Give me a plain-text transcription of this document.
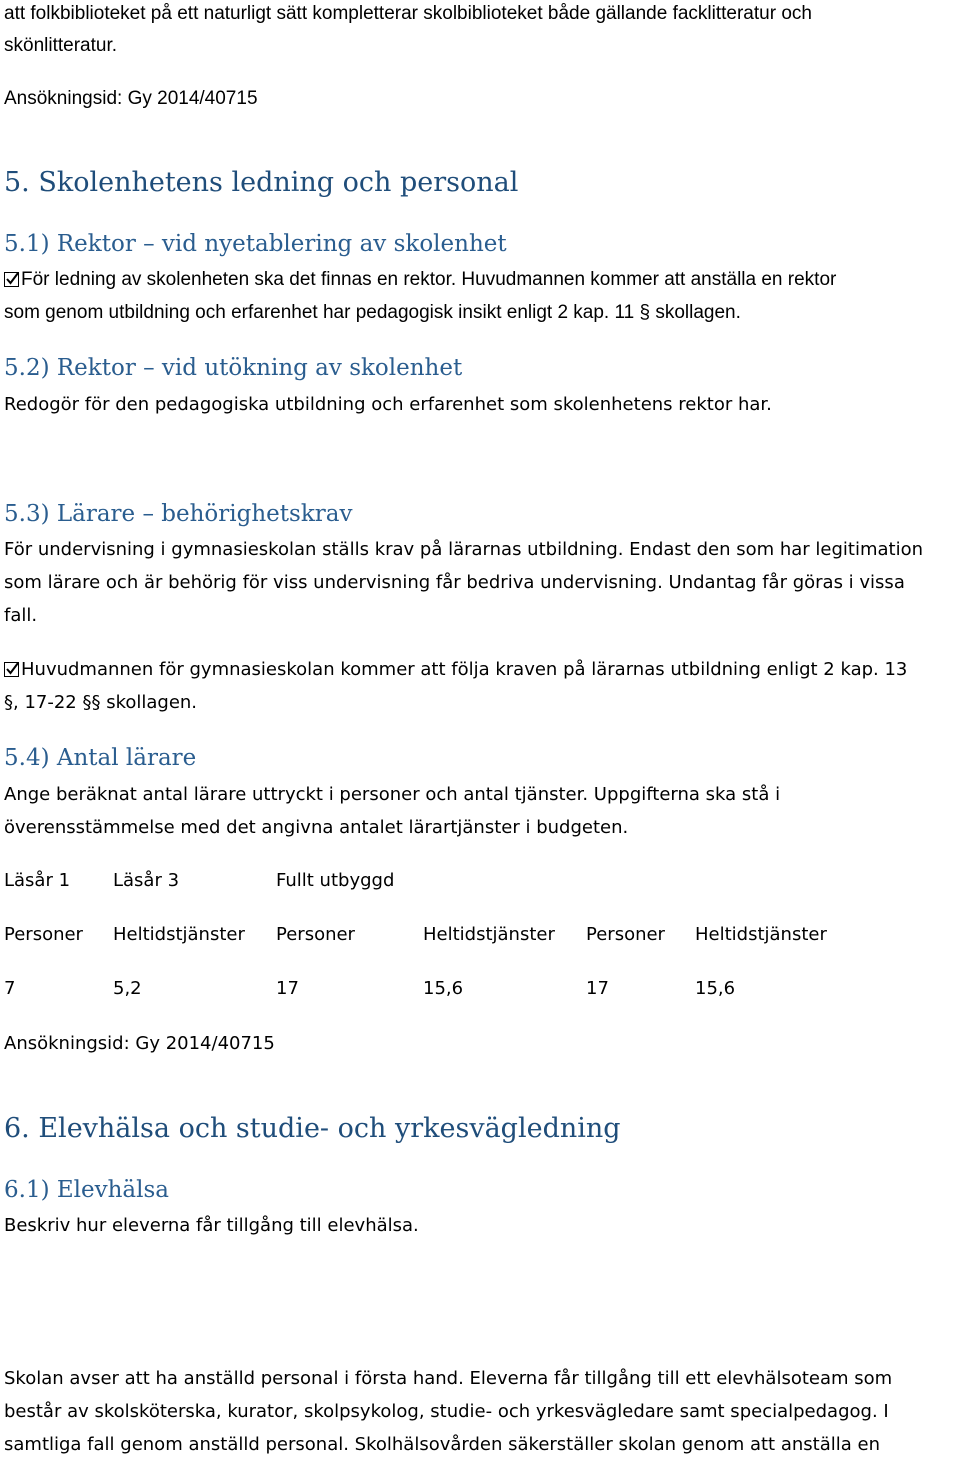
att folkbiblioteket på ett naturligt sätt kompletterar skolbiblioteket både gällande facklitteratur och
skönlitteratur.
Ansökningsid: Gy 2014/40715
5. Skolenhetens ledning och personal
5.1) Rektor – vid nyetablering av skolenhet
För ledning av skolenheten ska det finnas en rektor. Huvudmannen kommer att anställa en rektor
som genom utbildning och erfarenhet har pedagogisk insikt enligt 2 kap. 11 § skollagen.
5.2) Rektor – vid utökning av skolenhet
Redogör för den pedagogiska utbildning och erfarenhet som skolenhetens rektor har.
5.3) Lärare – behörighetskrav
För undervisning i gymnasieskolan ställs krav på lärarnas utbildning. Endast den som har legitimation
som lärare och är behörig för viss undervisning får bedriva undervisning. Undantag får göras i vissa
fall.
Huvudmannen för gymnasieskolan kommer att följa kraven på lärarnas utbildning enligt 2 kap. 13
§, 17-22 §§ skollagen.
5.4) Antal lärare
Ange beräknat antal lärare uttryckt i personer och antal tjänster. Uppgifterna ska stå i
överensstämmelse med det angivna antalet lärartjänster i budgeten.
Läsår 1 Läsår 3	Fullt utbyggd
Personer Heltidstjänster Personer	Heltidstjänster Personer Heltidstjänster
7	5,2	17	15,6	17	15,6
Ansökningsid: Gy 2014/40715
6. Elevhälsa och studie- och yrkesvägledning
6.1) Elevhälsa
Beskriv hur eleverna får tillgång till elevhälsa.
Skolan avser att ha anställd personal i första hand. Eleverna får tillgång till ett elevhälsoteam som
består av skolsköterska, kurator, skolpsykolog, studie- och yrkesvägledare samt specialpedagog. I
samtliga fall genom anställd personal. Skolhälsovården säkerställer skolan genom att anställa en
